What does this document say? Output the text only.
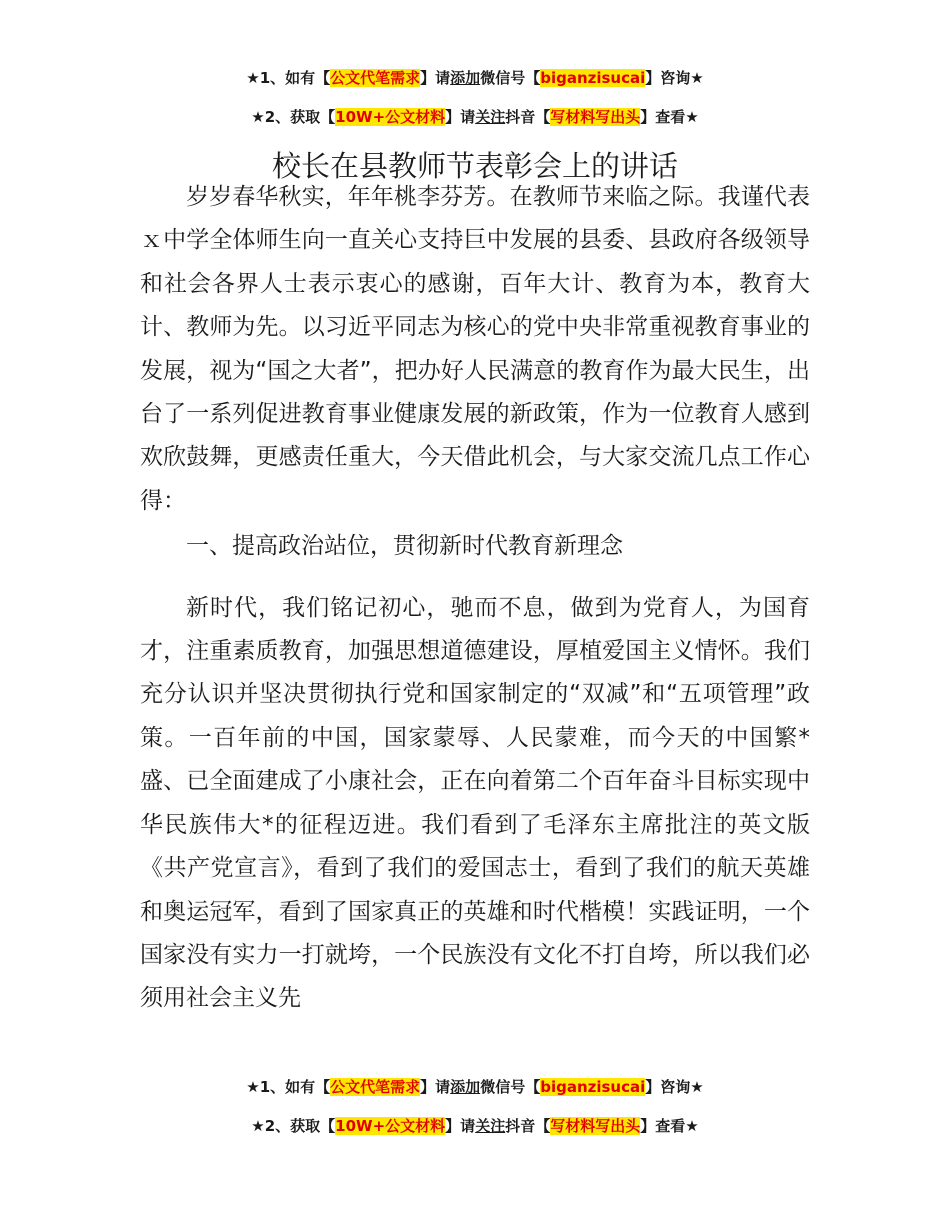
★1、如有【公文代笔需求】请添加微信号【biganzisucai】咨询★
★2、获取【10W+公文材料】请关注抖音【写材料写出头】查看★
校长在县教师节表彰会上的讲话

岁岁春华秋实，年年桃李芬芳。在教师节来临之际。我谨代表ｘ中学全体师生向一直关心支持巨中发展的县委、县政府各级领导和社会各界人士表示衷心的感谢，百年大计、教育为本，教育大计、教师为先。以习近平同志为核心的党中央非常重视教育事业的发展，视为“国之大者”，把办好人民满意的教育作为最大民生，出台了一系列促进教育事业健康发展的新政策，作为一位教育人感到欢欣鼓舞，更感责任重大，今天借此机会，与大家交流几点工作心得：

一、提高政治站位，贯彻新时代教育新理念

新时代，我们铭记初心，驰而不息，做到为党育人，为国育才，注重素质教育，加强思想道德建设，厚植爱国主义情怀。我们充分认识并坚决贯彻执行党和国家制定的“双减”和“五项管理”政策。一百年前的中国，国家蒙辱、人民蒙难，而今天的中国繁*盛、已全面建成了小康社会，正在向着第二个百年奋斗目标实现中华民族伟大*的征程迈进。我们看到了毛泽东主席批注的英文版《共产党宣言》，看到了我们的爱国志士，看到了我们的航天英雄和奥运冠军，看到了国家真正的英雄和时代楷模！实践证明，一个国家没有实力一打就垮，一个民族没有文化不打自垮，所以我们必须用社会主义先

★1、如有【公文代笔需求】请添加微信号【biganzisucai】咨询★
★2、获取【10W+公文材料】请关注抖音【写材料写出头】查看★
